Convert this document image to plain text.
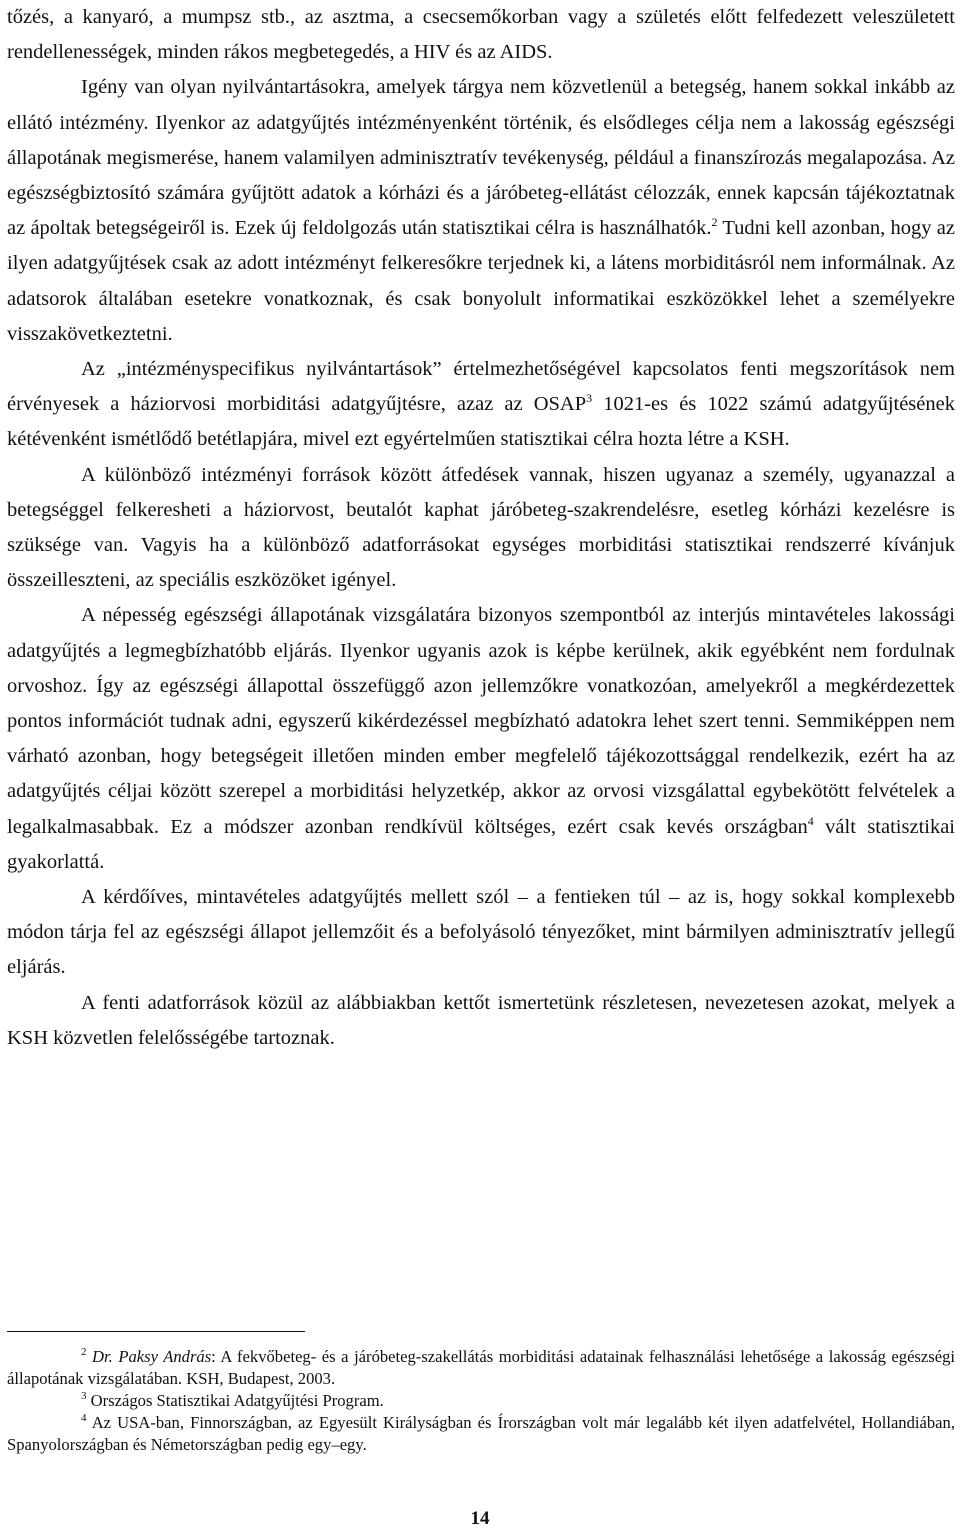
tőzés, a kanyaró, a mumpsz stb., az asztma, a csecsemőkorban vagy a születés előtt felfedezett veleszületett rendellenességek, minden rákos megbetegedés, a HIV és az AIDS.

Igény van olyan nyilvántartásokra, amelyek tárgya nem közvetlenül a betegség, hanem sokkal inkább az ellátó intézmény. Ilyenkor az adatgyűjtés intézményenként történik, és elsődleges célja nem a lakosság egészségi állapotának megismerése, hanem valamilyen adminisztratív tevékenység, például a finanszírozás megalapozása. Az egészségbiztosító számára gyűjtött adatok a kórházi és a járóbeteg-ellátást célozzák, ennek kapcsán tájékoztatnak az ápoltak betegségeiről is. Ezek új feldolgozás után statisztikai célra is használhatók.$^2$ Tudni kell azonban, hogy az ilyen adatgyűjtések csak az adott intézményt felkeresőkre terjednek ki, a látens morbiditásról nem informálnak. Az adatsorok általában esetekre vonatkoznak, és csak bonyolult informatikai eszközökkel lehet a személyekre visszakövetkeztetni.

Az „intézményspecifikus nyilvántartások” értelmezhetőségével kapcsolatos fenti megszorítások nem érvényesek a háziorvosi morbiditási adatgyűjtésre, azaz az OSAP$^3$ 1021-es és 1022 számú adatgyűjtésének kétévenként ismétlődő betétlapjára, mivel ezt egyértelműen statisztikai célra hozta létre a KSH.

A különböző intézményi források között átfedések vannak, hiszen ugyanaz a személy, ugyanazzal a betegséggel felkeresheti a háziorvost, beutalót kaphat járóbeteg-szakrendelésre, esetleg kórházi kezelésre is szüksége van. Vagyis ha a különböző adatforrásokat egységes morbiditási statisztikai rendszerré kívánjuk összeilleszteni, az speciális eszközöket igényel.

A népesség egészségi állapotának vizsgálatára bizonyos szempontból az interjús mintavételes lakossági adatgyűjtés a legmegbízhatóbb eljárás. Ilyenkor ugyanis azok is képbe kerülnek, akik egyébként nem fordulnak orvoshoz. Így az egészségi állapottal összefüggő azon jellemzőkre vonatkozóan, amelyekről a megkérdezettek pontos információt tudnak adni, egyszerű kikérdezéssel megbízható adatokra lehet szert tenni. Semmiképpen nem várható azonban, hogy betegségeit illetően minden ember megfelelő tájékozottsággal rendelkezik, ezért ha az adatgyűjtés céljai között szerepel a morbiditási helyzetkép, akkor az orvosi vizsgálattal egybekötött felvételek a legalkalmasabbak. Ez a módszer azonban rendkívül költséges, ezért csak kevés országban$^4$ vált statisztikai gyakorlattá.

A kérdőíves, mintavételes adatgyűjtés mellett szól – a fentieken túl – az is, hogy sokkal komplexebb módon tárja fel az egészségi állapot jellemzőit és a befolyásoló tényezőket, mint bármilyen adminisztratív jellegű eljárás.

A fenti adatforrások közül az alábbiakban kettőt ismertetünk részletesen, nevezetesen azokat, melyek a KSH közvetlen felelősségébe tartoznak.

$^2$ Dr. Paksy András: A fekvőbeteg- és a járóbeteg-szakellátás morbiditási adatainak felhasználási lehetősége a lakosság egészségi állapotának vizsgálatában. KSH, Budapest, 2003.

$^3$ Országos Statisztikai Adatgyűjtési Program.

$^4$ Az USA-ban, Finnországban, az Egyesült Királyságban és Írországban volt már legalább két ilyen adatfelvétel, Hollandiában, Spanyolországban és Németországban pedig egy–egy.

14
